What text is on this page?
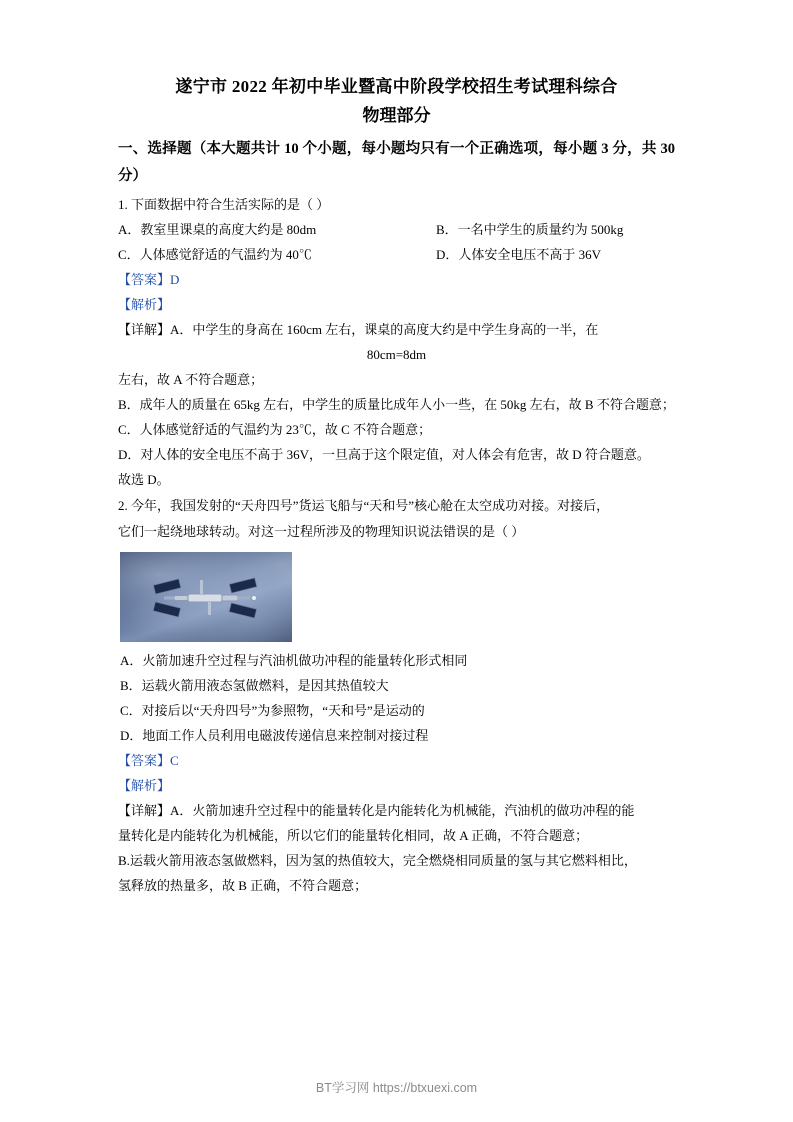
遂宁市 2022 年初中毕业暨高中阶段学校招生考试理科综合
物理部分

一、选择题（本大题共计 10 个小题，每小题均只有一个正确选项，每小题 3 分，共 30 分）

1. 下面数据中符合生活实际的是（ ）

A．教室里课桌的高度大约是 80dm	B．一名中学生的质量约为 500kg
C．人体感觉舒适的气温约为 40℃	D．人体安全电压不高于 36V

【答案】D

【解析】

【详解】A．中学生的身高在 160cm 左右，课桌的高度大约是中学生身高的一半，在

80cm=8dm

左右，故 A 不符合题意；

B．成年人的质量在 65kg 左右，中学生的质量比成年人小一些，在 50kg 左右，故 B 不符合题意；

C．人体感觉舒适的气温约为 23℃，故 C 不符合题意；

D．对人体的安全电压不高于 36V，一旦高于这个限定值，对人体会有危害，故 D 符合题意。

故选 D。

2. 今年，我国发射的“天舟四号”货运飞船与“天和号”核心舱在太空成功对接。对接后，

它们一起绕地球转动。对这一过程所涉及的物理知识说法错误的是（ ）

A．火箭加速升空过程与汽油机做功冲程的能量转化形式相同
B．运载火箭用液态氢做燃料，是因其热值较大
C．对接后以“天舟四号”为参照物，“天和号”是运动的
D．地面工作人员利用电磁波传递信息来控制对接过程

【答案】C

【解析】

【详解】A．火箭加速升空过程中的能量转化是内能转化为机械能，汽油机的做功冲程的能

量转化是内能转化为机械能，所以它们的能量转化相同，故 A 正确，不符合题意；

B.运载火箭用液态氢做燃料，因为氢的热值较大，完全燃烧相同质量的氢与其它燃料相比，

氢释放的热量多，故 B 正确，不符合题意；

BT学习网 https://btxuexi.com
